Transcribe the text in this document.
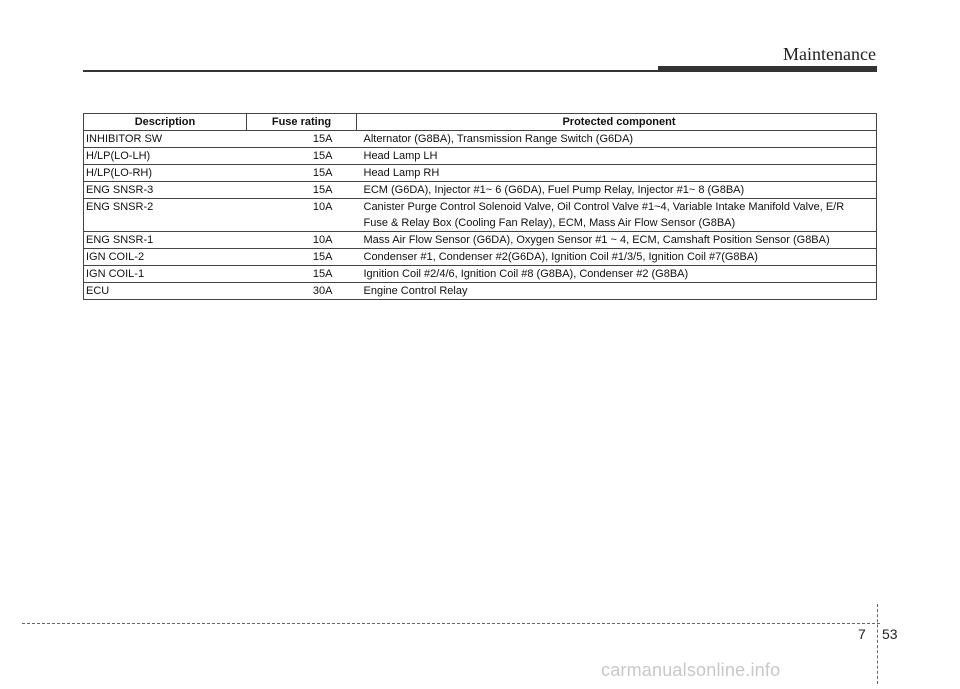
Maintenance
Description	Fuse rating	Protected component
INHIBITOR SW	15A	Alternator (G8BA), Transmission Range Switch (G6DA)
H/LP(LO-LH)	15A	Head Lamp LH
H/LP(LO-RH)	15A	Head Lamp RH
ENG SNSR-3	15A	ECM (G6DA), Injector #1~ 6 (G6DA), Fuel Pump Relay, Injector #1~ 8 (G8BA)
ENG SNSR-2	10A	Canister Purge Control Solenoid Valve, Oil Control Valve #1~4, Variable Intake Manifold Valve, E/R
Fuse & Relay Box (Cooling Fan Relay), ECM, Mass Air Flow Sensor (G8BA)

ENG SNSR-1	10A	Mass Air Flow Sensor (G6DA), Oxygen Sensor #1 ~ 4, ECM, Camshaft Position Sensor (G8BA)
IGN COIL-2	15A	Condenser #1, Condenser #2(G6DA), Ignition Coil #1/3/5, Ignition Coil #7(G8BA)
IGN COIL-1	15A	Ignition Coil #2/4/6, Ignition Coil #8 (G8BA), Condenser #2 (G8BA)
ECU	30A	Engine Control Relay
7 53
carmanualsonline.info
